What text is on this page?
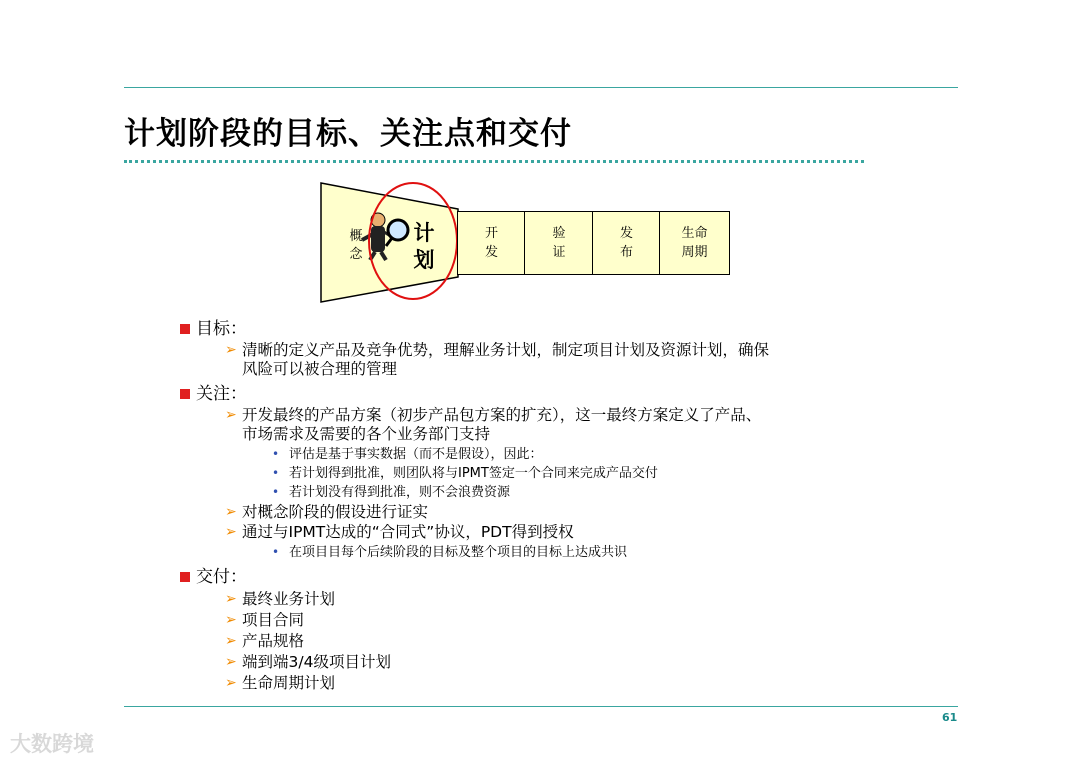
计划阶段的目标、关注点和交付
概
念
计
划
开
发
验
证
发
布
生命
周期
目标：
➢ 清晰的定义产品及竞争优势，理解业务计划，制定项目计划及资源计划，确保
风险可以被合理的管理
关注：
➢ 开发最终的产品方案（初步产品包方案的扩充），这一最终方案定义了产品、
市场需求及需要的各个业务部门支持
• 评估是基于事实数据（而不是假设），因此：
• 若计划得到批准，则团队将与IPMT签定一个合同来完成产品交付
• 若计划没有得到批准，则不会浪费资源
➢ 对概念阶段的假设进行证实
➢ 通过与IPMT达成的“合同式”协议，PDT得到授权
• 在项目目每个后续阶段的目标及整个项目的目标上达成共识
交付：
➢ 最终业务计划
➢ 项目合同
➢ 产品规格
➢ 端到端3/4级项目计划
➢ 生命周期计划
61
大数跨境
